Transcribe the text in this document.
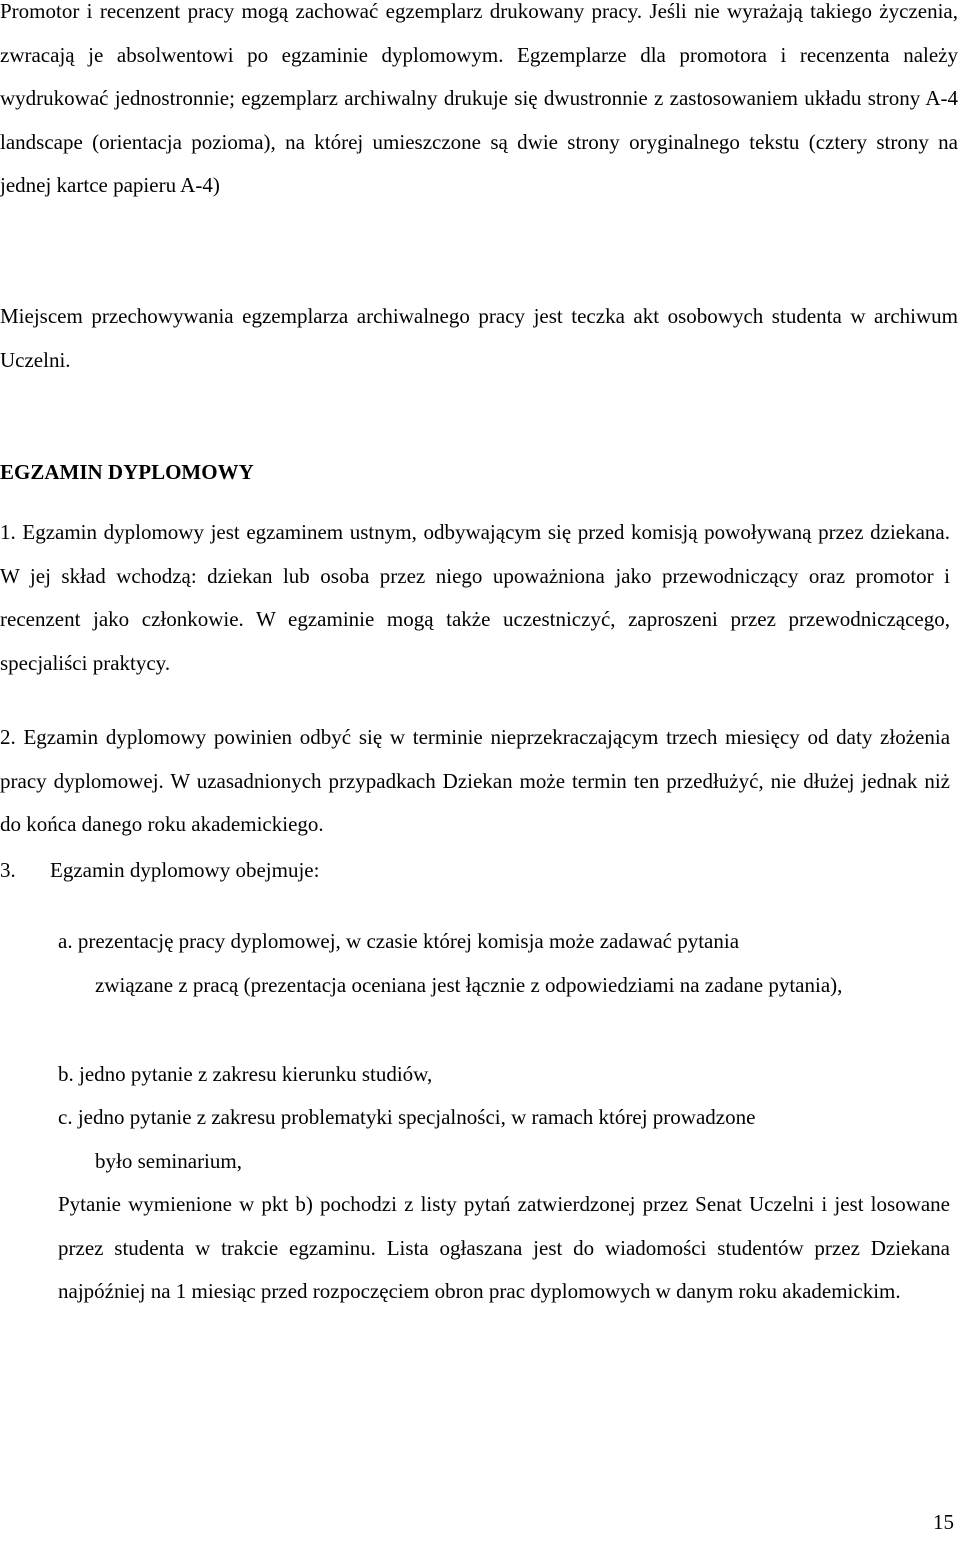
Promotor i recenzent pracy mogą zachować egzemplarz drukowany pracy. Jeśli nie wyrażają takiego życzenia, zwracają je absolwentowi po egzaminie dyplomowym. Egzemplarze dla promotora i recenzenta należy wydrukować jednostronnie; egzemplarz archiwalny drukuje się dwustronnie z zastosowaniem układu strony A-4 landscape (orientacja pozioma), na której umieszczone są dwie strony oryginalnego tekstu (cztery strony na jednej kartce papieru A-4)

Miejscem przechowywania egzemplarza archiwalnego pracy jest teczka akt osobowych studenta w archiwum Uczelni.

EGZAMIN DYPLOMOWY

1. Egzamin dyplomowy jest egzaminem ustnym, odbywającym się przed komisją powoływaną przez dziekana. W jej skład wchodzą: dziekan lub osoba przez niego upoważniona jako przewodniczący oraz promotor i recenzent jako członkowie. W egzaminie mogą także uczestniczyć, zaproszeni przez przewodniczącego, specjaliści praktycy.

2. Egzamin dyplomowy powinien odbyć się w terminie nieprzekraczającym trzech miesięcy od daty złożenia pracy dyplomowej. W uzasadnionych przypadkach Dziekan może termin ten przedłużyć, nie dłużej jednak niż do końca danego roku akademickiego.

3. Egzamin dyplomowy obejmuje:

a. prezentację pracy dyplomowej, w czasie której komisja może zadawać pytania
związane z pracą (prezentacja oceniana jest łącznie z odpowiedziami na zadane pytania),
b. jedno pytanie z zakresu kierunku studiów,
c. jedno pytanie z zakresu problematyki specjalności, w ramach której prowadzone
było seminarium,

Pytanie wymienione w pkt b) pochodzi z listy pytań zatwierdzonej przez Senat Uczelni i jest losowane przez studenta w trakcie egzaminu. Lista ogłaszana jest do wiadomości studentów przez Dziekana najpóźniej na 1 miesiąc przed rozpoczęciem obron prac dyplomowych w danym roku akademickim.

15
